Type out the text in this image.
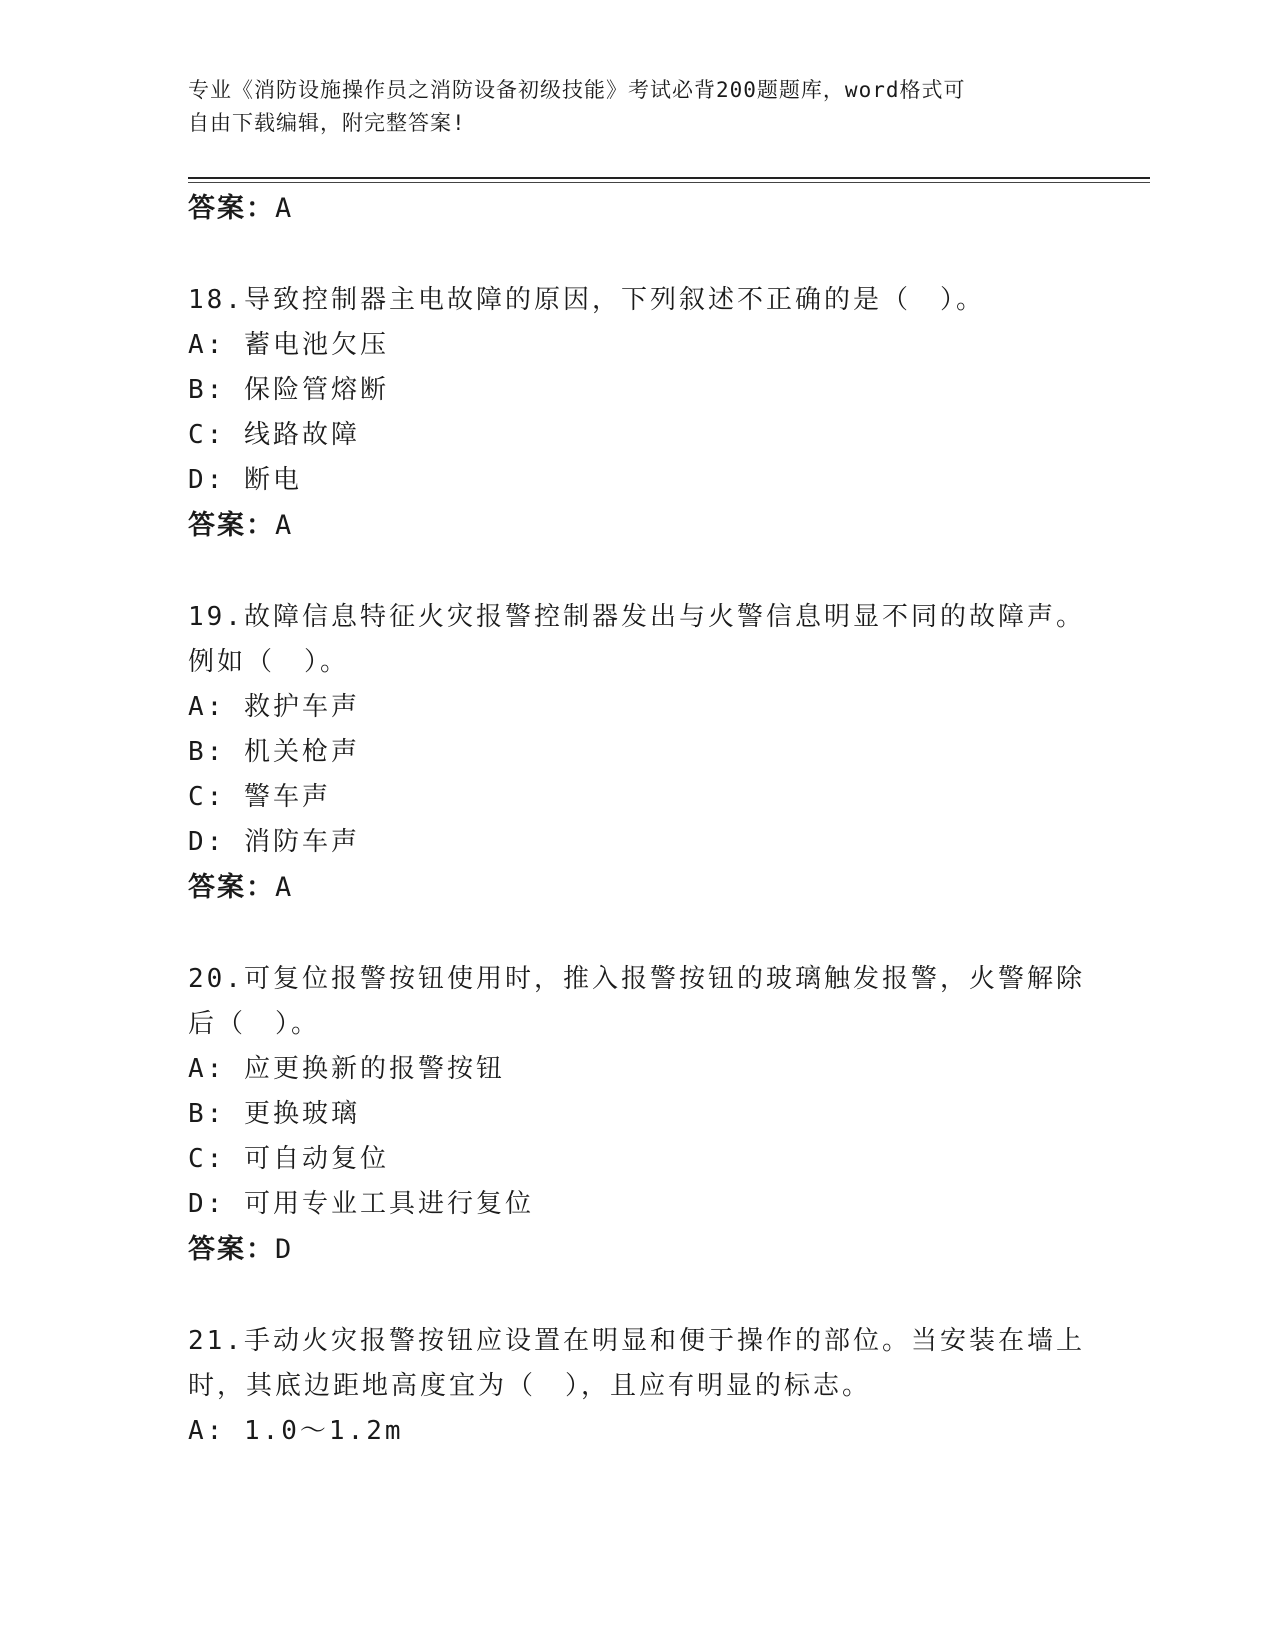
专业《消防设施操作员之消防设备初级技能》考试必背200题题库，word格式可
自由下载编辑，附完整答案!
答案：A
18.导致控制器主电故障的原因，下列叙述不正确的是（　）。
A: 蓄电池欠压
B: 保险管熔断
C: 线路故障
D: 断电
答案：A
19.故障信息特征火灾报警控制器发出与火警信息明显不同的故障声。
例如（　）。
A: 救护车声
B: 机关枪声
C: 警车声
D: 消防车声
答案：A
20.可复位报警按钮使用时，推入报警按钮的玻璃触发报警，火警解除
后（　）。
A: 应更换新的报警按钮
B: 更换玻璃
C: 可自动复位
D: 可用专业工具进行复位
答案：D
21.手动火灾报警按钮应设置在明显和便于操作的部位。当安装在墙上
时，其底边距地高度宜为（　），且应有明显的标志。
A: 1.0～1.2m
